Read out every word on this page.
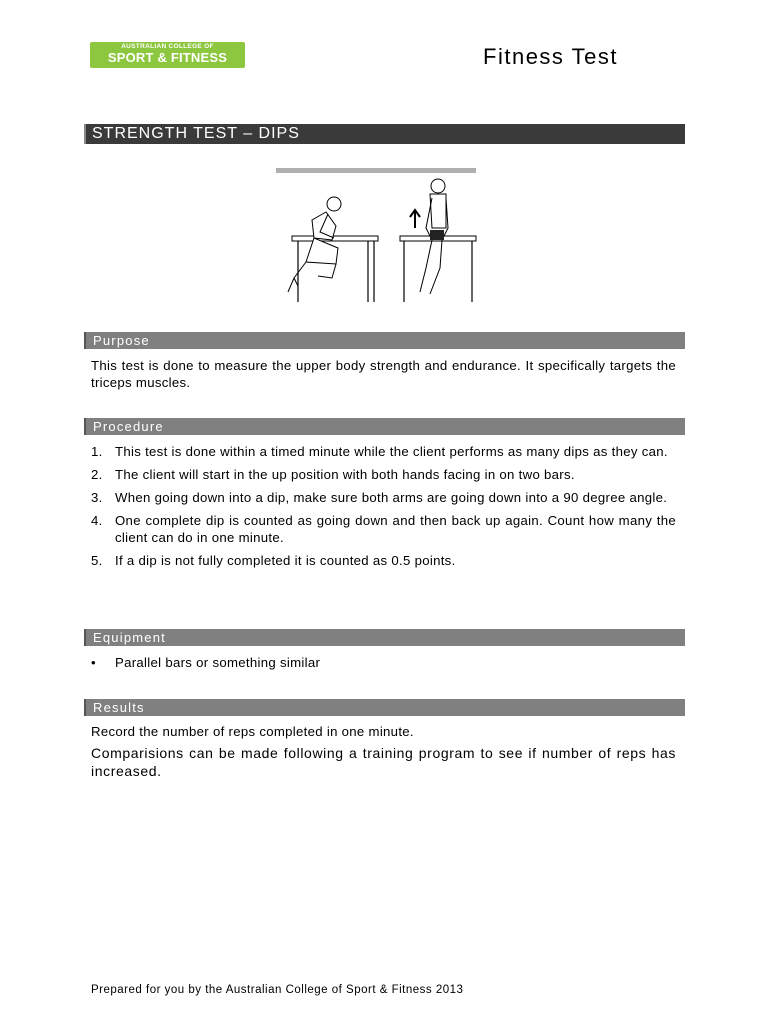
AUSTRALIAN COLLEGE OF
SPORT & FITNESS	Fitness Test
STRENGTH TEST – DIPS
Purpose
This test is done to measure the upper body strength and endurance. It specifically targets the triceps muscles.
Procedure
1. This test is done within a timed minute while the client performs as many dips as they can.
2. The client will start in the up position with both hands facing in on two bars.
3. When going down into a dip, make sure both arms are going down into a 90 degree angle.
4. One complete dip is counted as going down and then back up again. Count how many the client can do in one minute.
5. If a dip is not fully completed it is counted as 0.5 points.
Equipment
• Parallel bars or something similar
Results
Record the number of reps completed in one minute.
Comparisions can be made following a training program to see if number of reps has increased.
Prepared for you by the Australian College of Sport & Fitness 2013
